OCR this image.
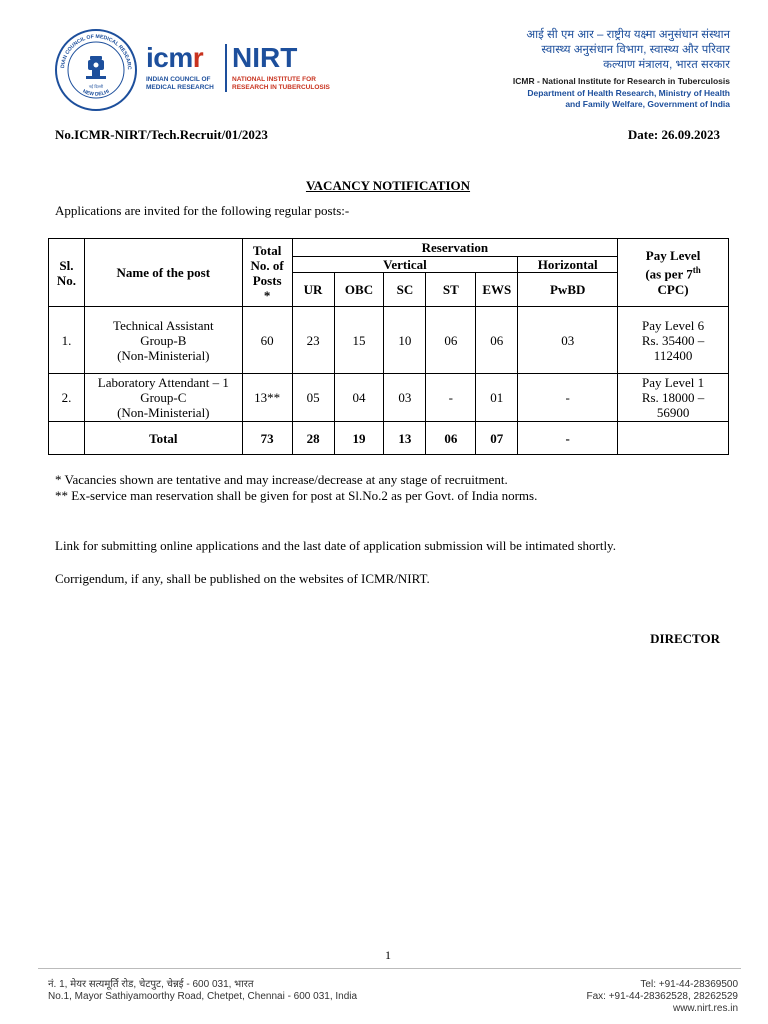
DIAN COUNCIL OF MEDICAL RESEARC
NEW DELHI
नई दिल्ली
icmr
INDIAN COUNCIL OF MEDICAL RESEARCH
NIRT
NATIONAL INSTITUTE FOR RESEARCH IN TUBERCULOSIS
आई सी एम आर – राष्ट्रीय यक्ष्मा अनुसंधान संस्थान
स्वास्थ्य अनुसंधान विभाग, स्वास्थ्य और परिवार
कल्याण मंत्रालय, भारत सरकार
ICMR - National Institute for Research in Tuberculosis
Department of Health Research, Ministry of Health
and Family Welfare, Government of India
No.ICMR-NIRT/Tech.Recruit/01/2023	Date: 26.09.2023
VACANCY NOTIFICATION
Applications are invited for the following regular posts:-
Sl.
No.	Name of the post	Total
No. of
Posts
*	Reservation						Pay Level
(as per 7th
CPC)
			Vertical					Horizontal	
			UR	OBC	SC	ST	EWS	PwBD	
1.	Technical Assistant
Group-B
(Non-Ministerial)	60	23	15	10	06	06	03	Pay Level 6
Rs. 35400 –
112400
2.	Laboratory Attendant – 1
Group-C
(Non-Ministerial)	13**	05	04	03	-	01	-	Pay Level 1
Rs. 18000 –
56900
	Total	73	28	19	13	06	07	-	
* Vacancies shown are tentative and may increase/decrease at any stage of recruitment.
** Ex-service man reservation shall be given for post at Sl.No.2 as per Govt. of India norms.
Link for submitting online applications and the last date of application submission will be intimated shortly.
Corrigendum, if any, shall be published on the websites of ICMR/NIRT.
DIRECTOR
1
नं. 1, मेयर सत्यमूर्ति रोड, चेटपुट, चेन्नई - 600 031, भारत
No.1, Mayor Sathiyamoorthy Road, Chetpet, Chennai - 600 031, India
Tel: +91-44-28369500
Fax: +91-44-28362528, 28262529
www.nirt.res.in
